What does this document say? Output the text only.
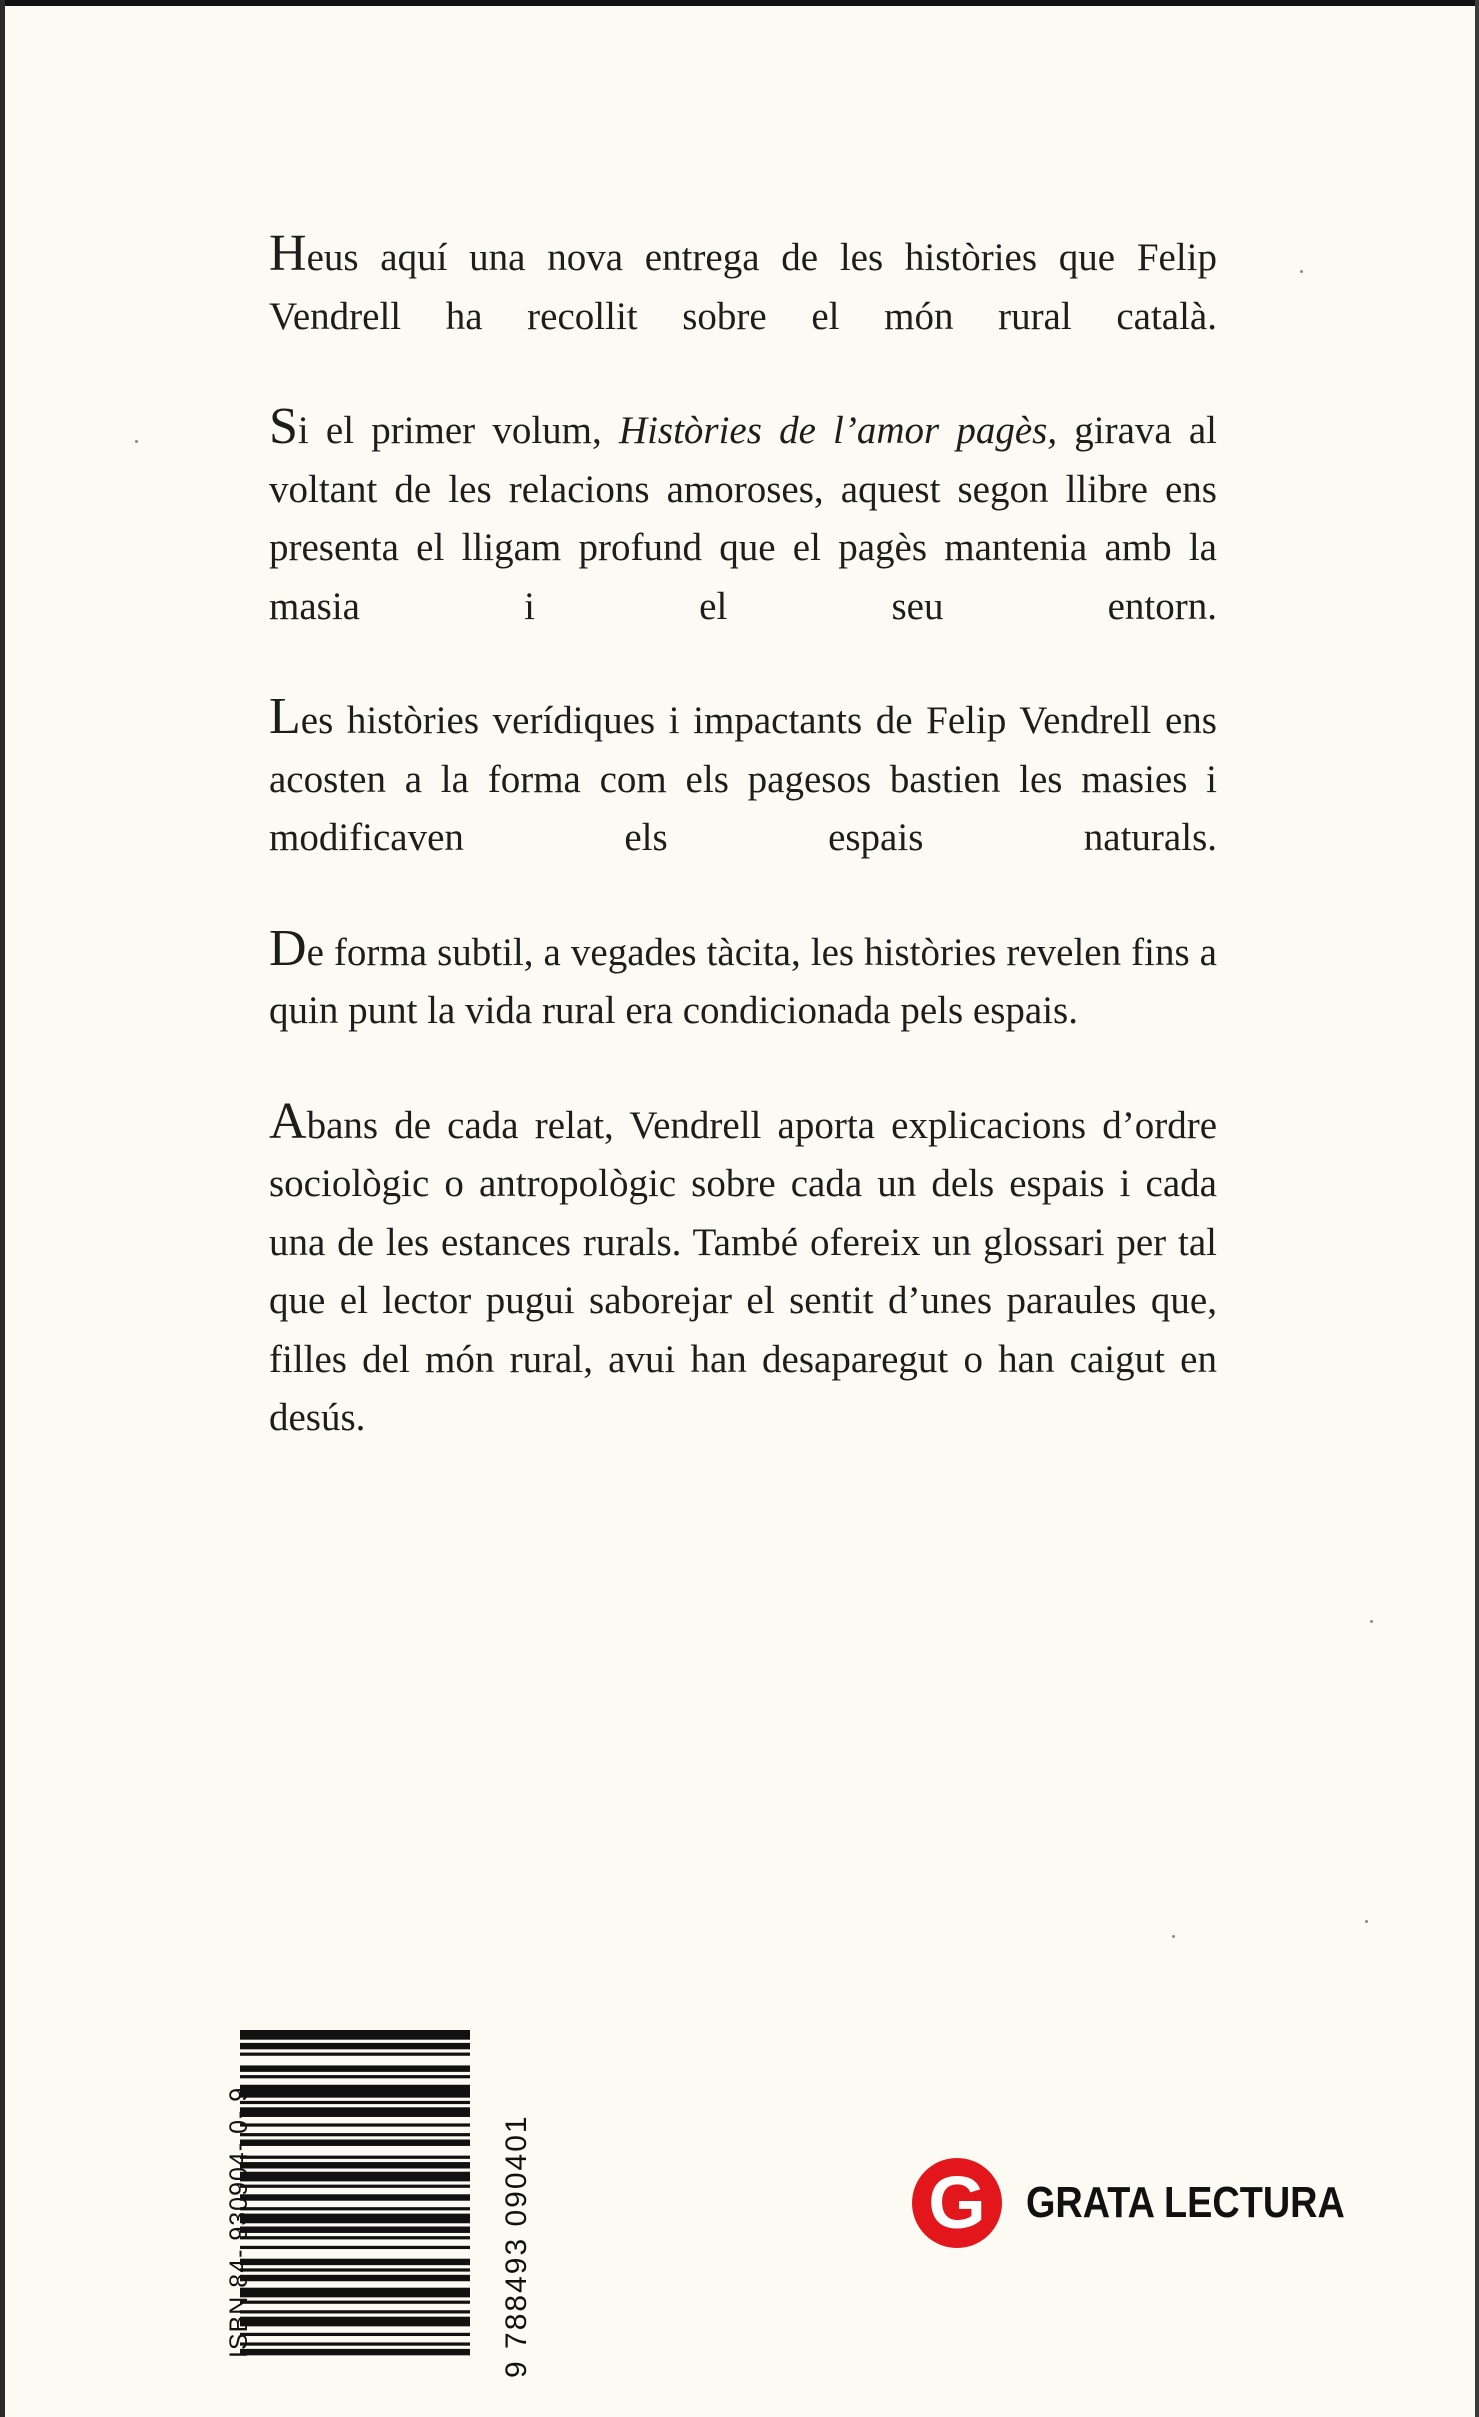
Heus aquí una nova entrega de les històries que Felip Vendrell ha recollit sobre el món rural català.

Si el primer volum, Històries de l’amor pagès, girava al voltant de les relacions amoroses, aquest segon llibre ens presenta el lligam profund que el pagès mantenia amb la masia i el seu entorn.

Les històries verídiques i impactants de Felip Vendrell ens acosten a la forma com els pagesos bastien les masies i modificaven els espais naturals.

De forma subtil, a vegades tàcita, les històries revelen fins a quin punt la vida rural era condicionada pels espais.

Abans de cada relat, Vendrell aporta explicacions d’ordre sociològic o antropològic sobre cada un dels espais i cada una de les estances rurals. També ofereix un glossari per tal que el lector pugui saborejar el sentit d’unes paraules que, filles del món rural, avui han desaparegut o han caigut en desús.

ISBN 84- 930904- 0- 9	9 788493 090401	G GRATA LECTURA
